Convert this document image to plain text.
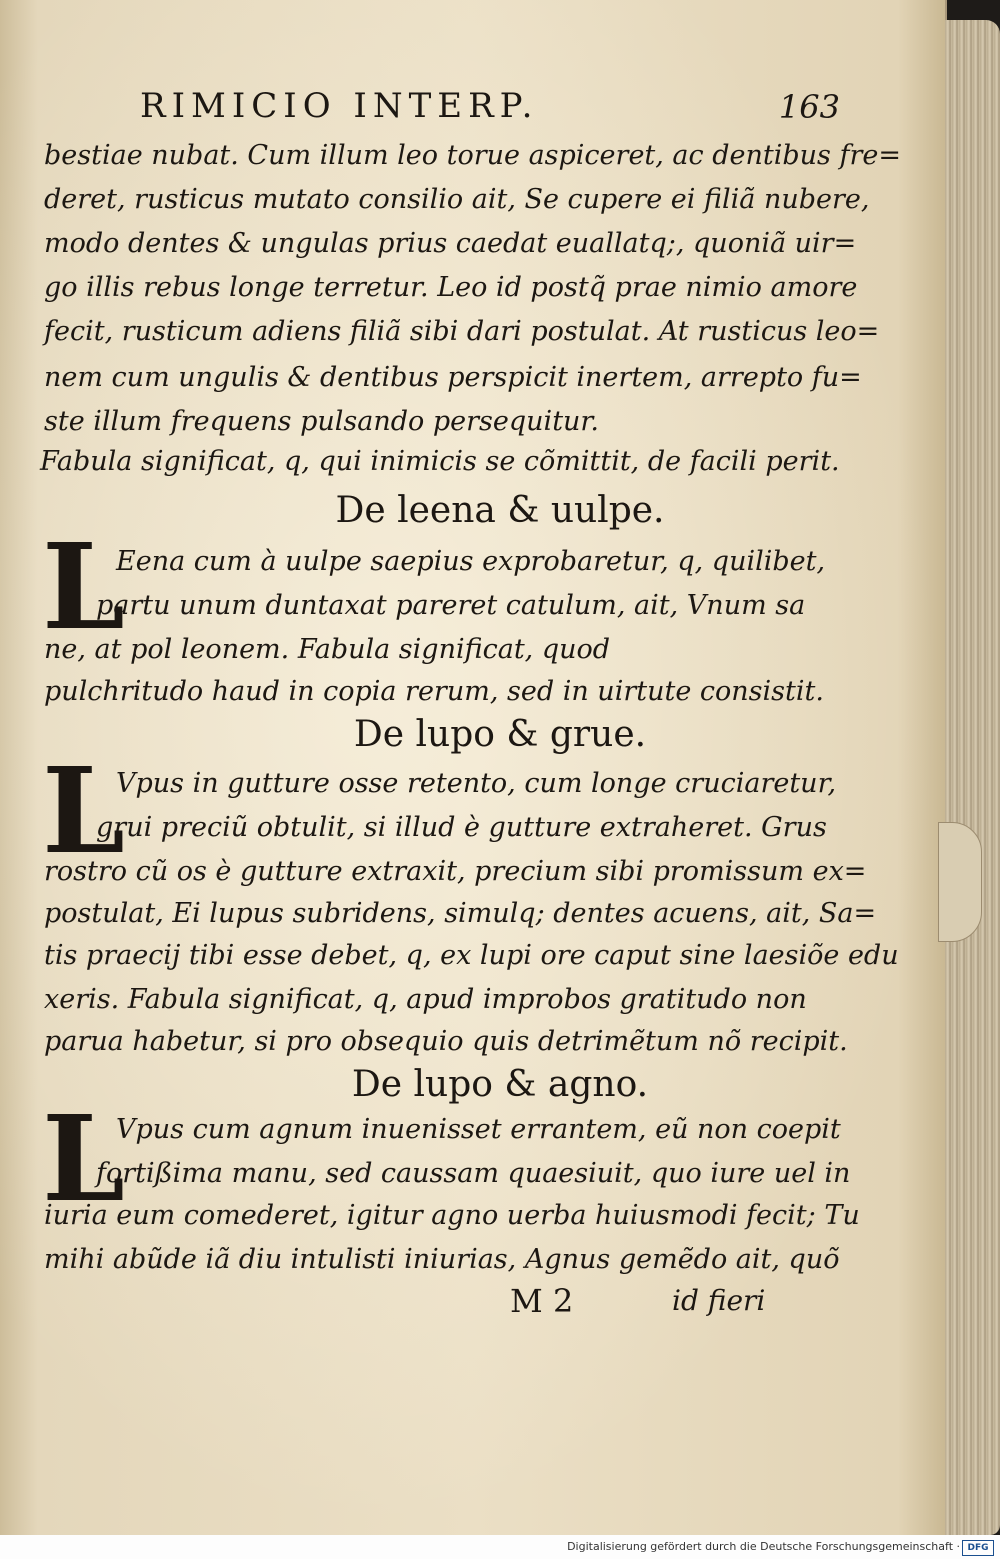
RIMICIO INTERP.	163
bestiae nubat. Cum illum leo torue aspiceret, ac dentibus fre=
deret, rusticus mutato consilio ait, Se cupere ei filiã nubere,
modo dentes & ungulas prius caedat euallatq;, quoniã uir=
go illis rebus longe terretur. Leo id postq̃ prae nimio amore
fecit, rusticum adiens filiã sibi dari postulat. At rusticus leo=
nem cum ungulis & dentibus perspicit inertem, arrepto fu=
ste illum frequens pulsando persequitur.
Fabula significat, q, qui inimicis se cõmittit, de facili perit.
De leena & uulpe.
L
Eena cum à uulpe saepius exprobaretur, q, quilibet,
partu unum duntaxat pareret catulum, ait, Vnum sa
ne, at pol leonem. Fabula significat, quod
pulchritudo haud in copia rerum, sed in uirtute consistit.
De lupo & grue.
L
Vpus in gutture osse retento, cum longe cruciaretur,
grui preciũ obtulit, si illud è gutture extraheret. Grus
rostro cũ os è gutture extraxit, precium sibi promissum ex=
postulat, Ei lupus subridens, simulq; dentes acuens, ait, Sa=
tis praecij tibi esse debet, q, ex lupi ore caput sine laesiõe edu
xeris. Fabula significat, q, apud improbos gratitudo non
parua habetur, si pro obsequio quis detrimẽtum nõ recipit.
De lupo & agno.
L
Vpus cum agnum inuenisset errantem, eũ non coepit
fortißima manu, sed caussam quaesiuit, quo iure uel in
iuria eum comederet, igitur agno uerba huiusmodi fecit; Tu
mihi abũde iã diu intulisti iniurias, Agnus gemẽdo ait, quõ
M 2	id fieri
Digitalisierung gefördert durch die Deutsche Forschungsgemeinschaft · DFG
